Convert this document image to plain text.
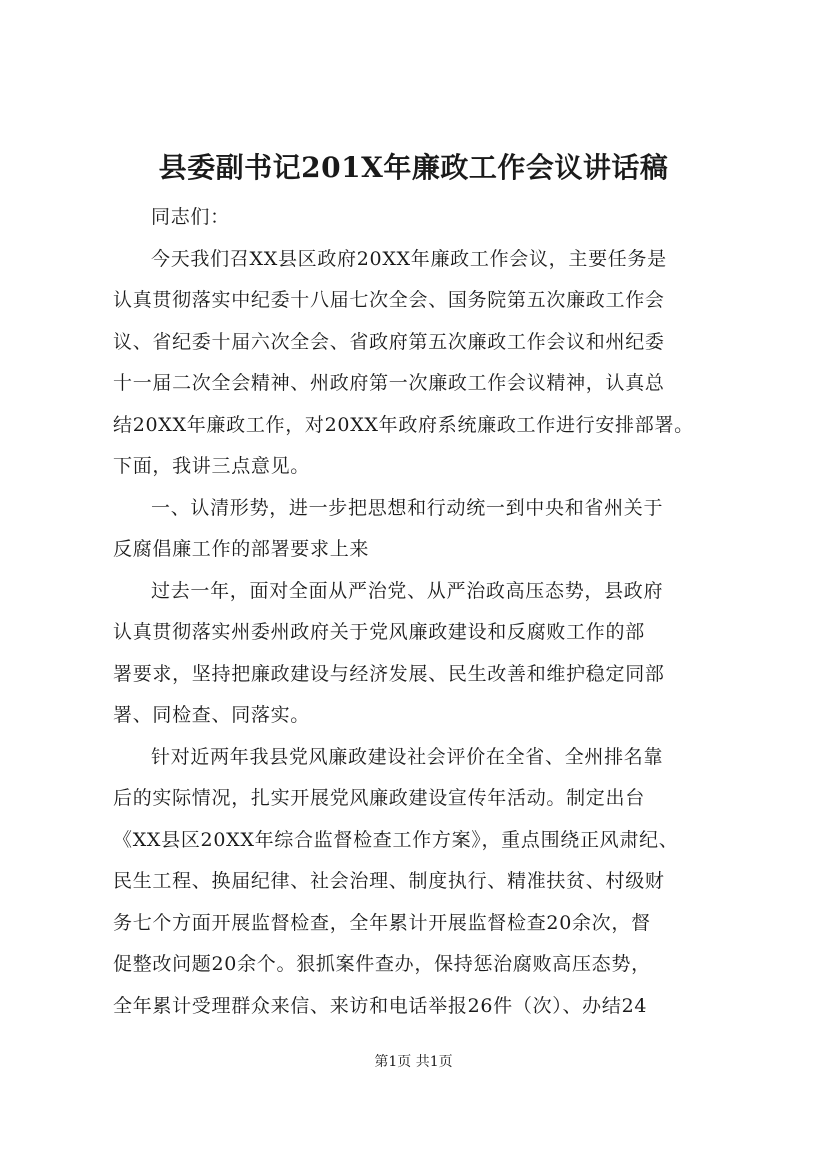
县委副书记201X年廉政工作会议讲话稿
同志们：
今天我们召XX县区政府20XX年廉政工作会议，主要任务是
认真贯彻落实中纪委十八届七次全会、国务院第五次廉政工作会
议、省纪委十届六次全会、省政府第五次廉政工作会议和州纪委
十一届二次全会精神、州政府第一次廉政工作会议精神，认真总
结20XX年廉政工作，对20XX年政府系统廉政工作进行安排部署。
下面，我讲三点意见。
一、认清形势，进一步把思想和行动统一到中央和省州关于
反腐倡廉工作的部署要求上来
过去一年，面对全面从严治党、从严治政高压态势，县政府
认真贯彻落实州委州政府关于党风廉政建设和反腐败工作的部
署要求，坚持把廉政建设与经济发展、民生改善和维护稳定同部
署、同检查、同落实。
针对近两年我县党风廉政建设社会评价在全省、全州排名靠
后的实际情况，扎实开展党风廉政建设宣传年活动。制定出台
《XX县区20XX年综合监督检查工作方案》，重点围绕正风肃纪、
民生工程、换届纪律、社会治理、制度执行、精准扶贫、村级财
务七个方面开展监督检查，全年累计开展监督检查20余次，督
促整改问题20余个。狠抓案件查办，保持惩治腐败高压态势，
全年累计受理群众来信、来访和电话举报26件（次）、办结24
第1页 共1页
